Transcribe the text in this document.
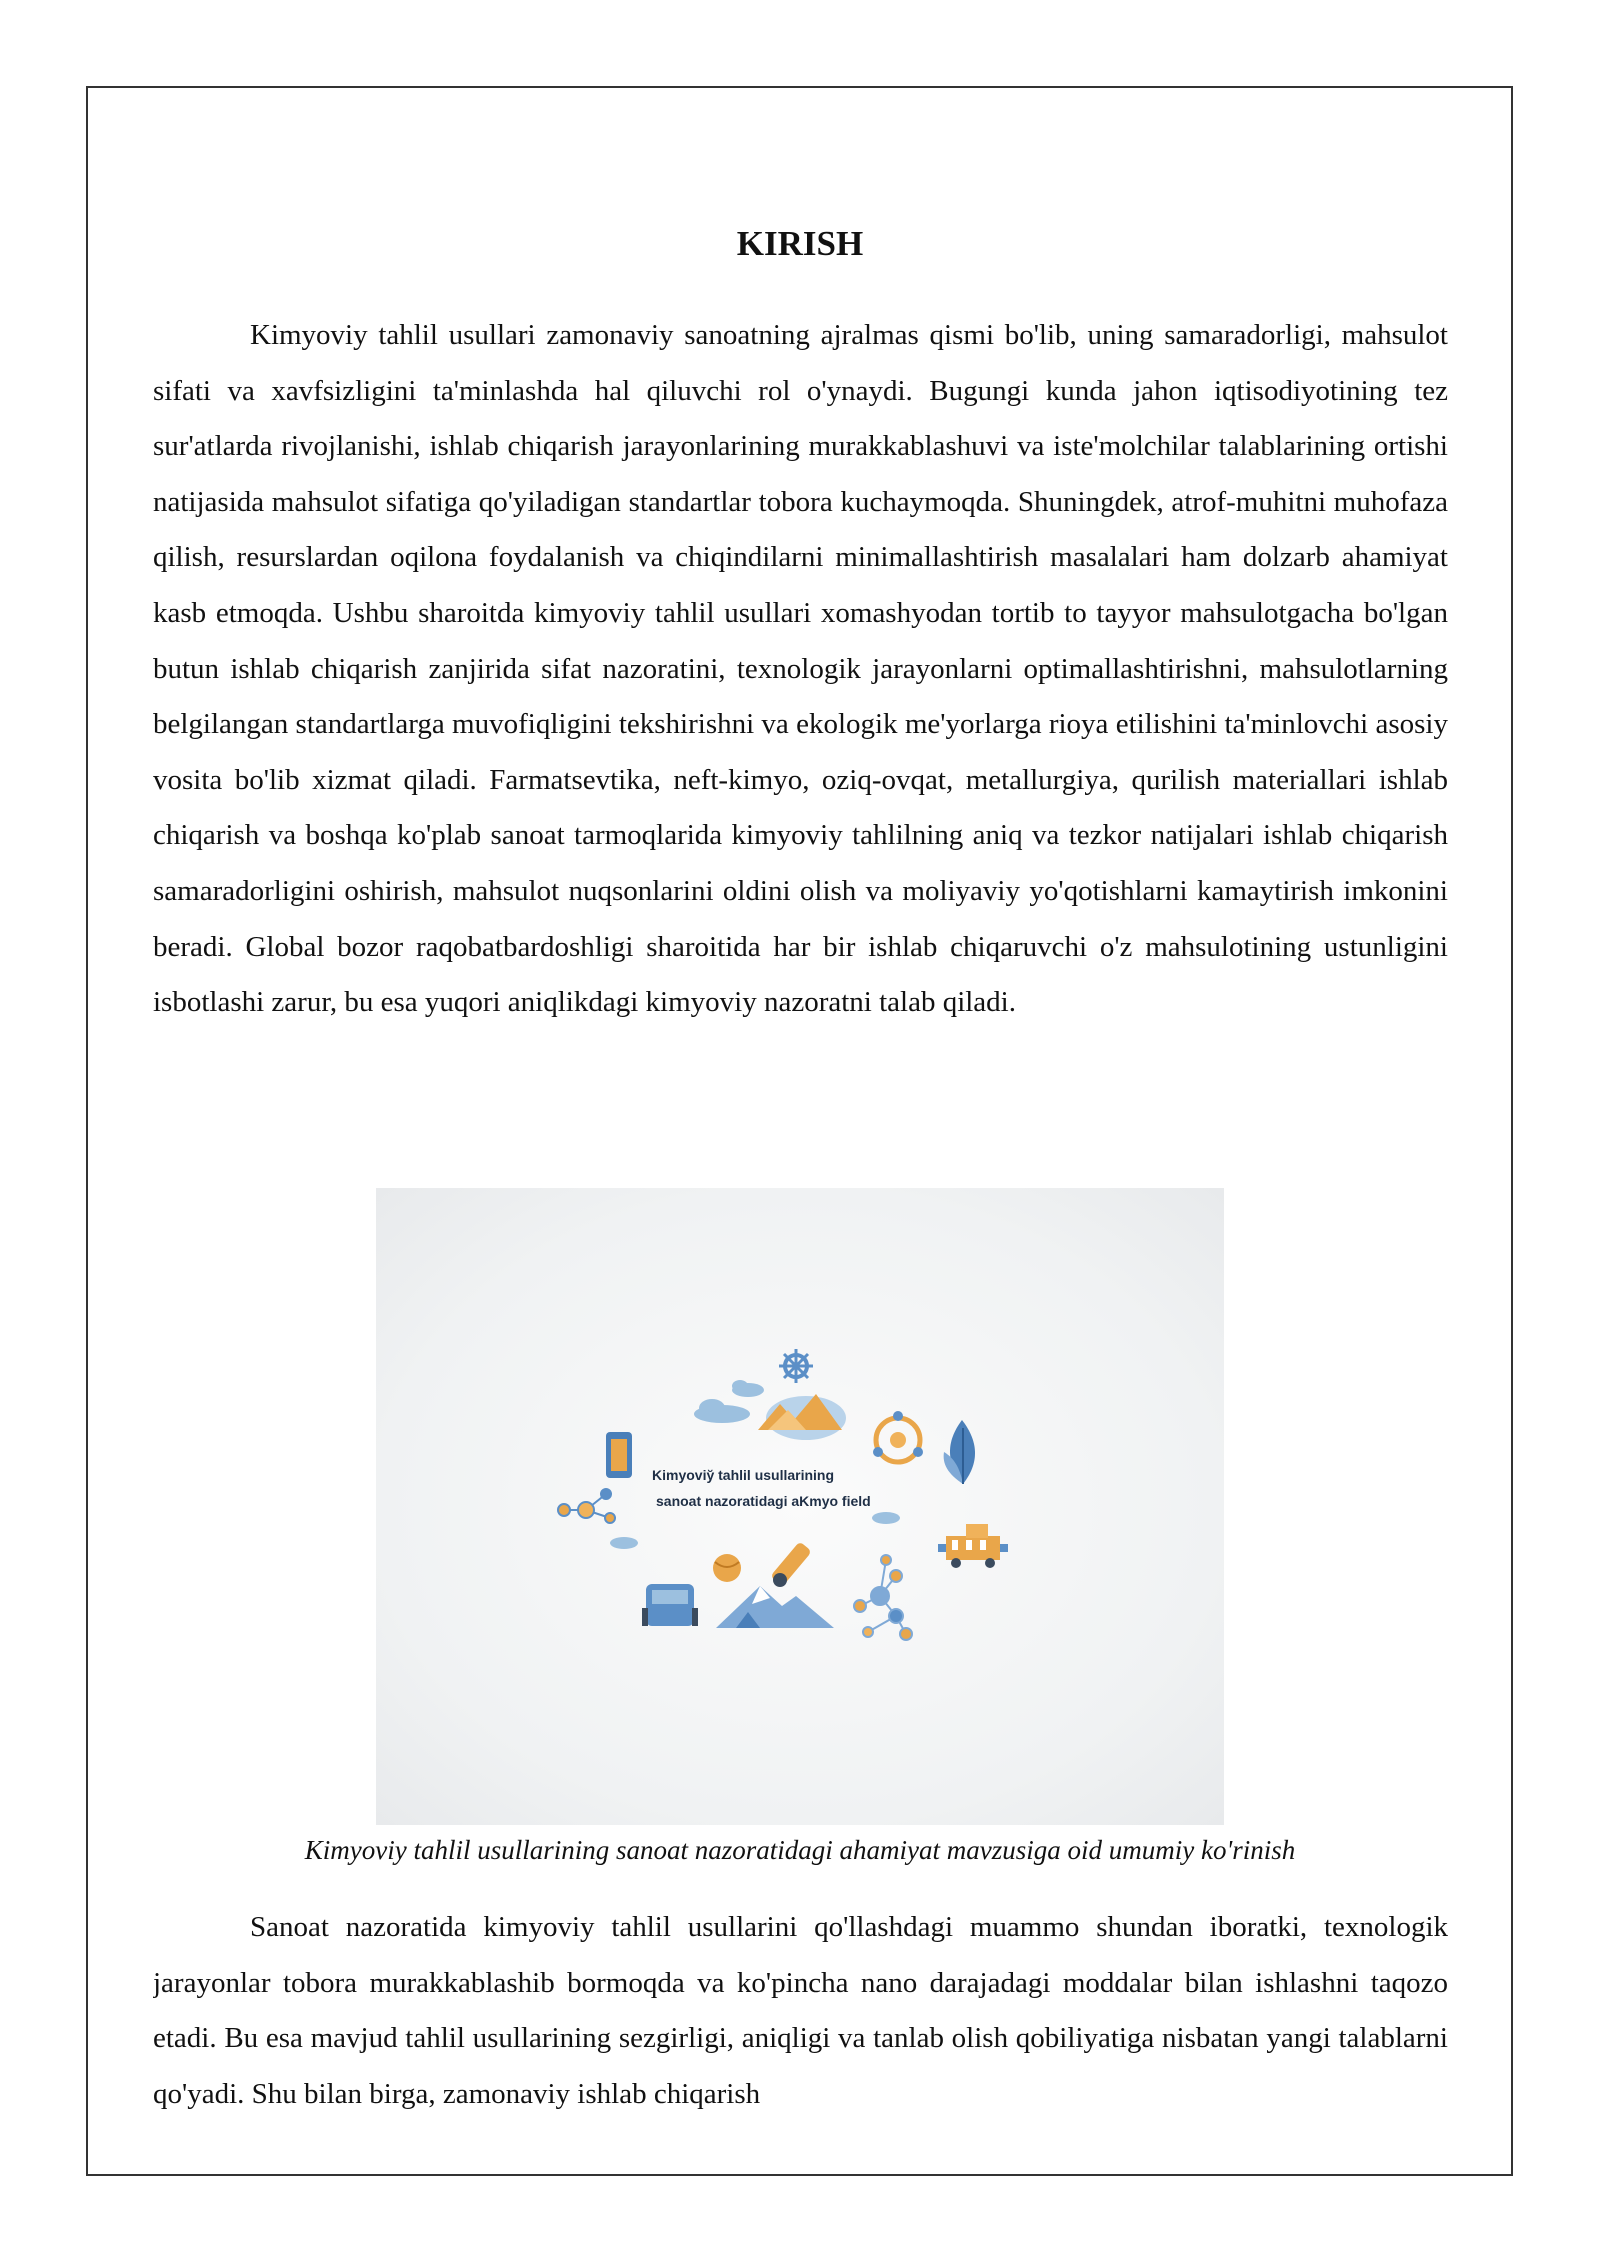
KIRISH

Kimyoviy tahlil usullari zamonaviy sanoatning ajralmas qismi bo'lib, uning samaradorligi, mahsulot sifati va xavfsizligini ta'minlashda hal qiluvchi rol o'ynaydi. Bugungi kunda jahon iqtisodiyotining tez sur'atlarda rivojlanishi, ishlab chiqarish jarayonlarining murakkablashuvi va iste'molchilar talablarining ortishi natijasida mahsulot sifatiga qo'yiladigan standartlar tobora kuchaymoqda. Shuningdek, atrof-muhitni muhofaza qilish, resurslardan oqilona foydalanish va chiqindilarni minimallashtirish masalalari ham dolzarb ahamiyat kasb etmoqda. Ushbu sharoitda kimyoviy tahlil usullari xomashyodan tortib to tayyor mahsulotgacha bo'lgan butun ishlab chiqarish zanjirida sifat nazoratini, texnologik jarayonlarni optimallashtirishni, mahsulotlarning belgilangan standartlarga muvofiqligini tekshirishni va ekologik me'yorlarga rioya etilishini ta'minlovchi asosiy vosita bo'lib xizmat qiladi. Farmatsevtika, neft-kimyo, oziq-ovqat, metallurgiya, qurilish materiallari ishlab chiqarish va boshqa ko'plab sanoat tarmoqlarida kimyoviy tahlilning aniq va tezkor natijalari ishlab chiqarish samaradorligini oshirish, mahsulot nuqsonlarini oldini olish va moliyaviy yo'qotishlarni kamaytirish imkonini beradi. Global bozor raqobatbardoshligi sharoitida har bir ishlab chiqaruvchi o'z mahsulotining ustunligini isbotlashi zarur, bu esa yuqori aniqlikdagi kimyoviy nazoratni talab qiladi.

Kimyoviy̆ tahlil usullarining
sanoat nazoratidagi aKmyo field

Kimyoviy tahlil usullarining sanoat nazoratidagi ahamiyat mavzusiga oid umumiy ko'rinish

Sanoat nazoratida kimyoviy tahlil usullarini qo'llashdagi muammo shundan iboratki, texnologik jarayonlar tobora murakkablashib bormoqda va ko'pincha nano darajadagi moddalar bilan ishlashni taqozo etadi. Bu esa mavjud tahlil usullarining sezgirligi, aniqligi va tanlab olish qobiliyatiga nisbatan yangi talablarni qo'yadi. Shu bilan birga, zamonaviy ishlab chiqarish
